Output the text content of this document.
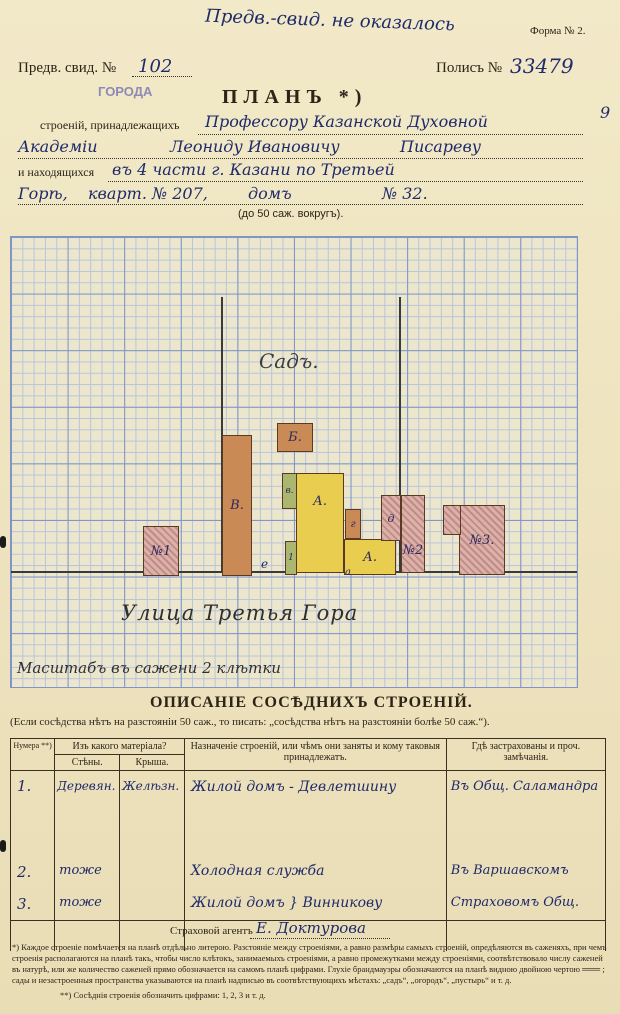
Предв.-свид. не оказалось	Форма № 2.
Предв. свид. № 102	Полисъ № 33479
9
ГОРОДА	ПЛАНЪ *)
строеній, принадлежащихъ Профессору Казанской Духовной
Академіи	Леониду Ивановичу	Писареву
и находящихся въ 4 части г. Казани по Третьей
Горѣ, кварт. № 207,	домъ	№ 32.
(до 50 саж. вокругъ).
Садъ.
№1
В.
Б.
в.
А.
А.
г
1
д
№2
№3.
е
а
Улица Третья Гора
Масштабъ въ сажени 2 клѣтки
ОПИСАНІЕ СОСѢДНИХЪ СТРОЕНІЙ.
(Если сосѣдства нѣтъ на разстояніи 50 саж., то писать: „сосѣдства нѣтъ на разстояніи болѣе 50 саж.“).
Нумера **)	Изъ какого матеріала?		Назначеніе строеній, или чѣмъ они заняты и кому таковыя принадлежатъ.	Гдѣ застрахованы и проч. замѣчанія.
	Стѣны.	Крыша.		
1.	Деревян.	Желѣзн.	Жилой домъ - Девлетшину	Въ Общ. Саламандра
2.	тоже		Холодная служба	Въ Варшавскомъ
3.	тоже		Жилой домъ } Винникову	Страховомъ Общ.
Страховой агентъ Е. Доктурова
*) Каждое строеніе помѣчается на планѣ отдѣльно литерою. Разстояніе между строеніями, а равно размѣры самыхъ строеній, опредѣляются въ саженяхъ, при чемъ строенія располагаются на планѣ такъ, чтобы число клѣтокъ, занимаемыхъ строеніями, а равно промежутками между строеніями, соотвѣтствовало числу саженей въ натурѣ, или же количество саженей прямо обозначается на самомъ планѣ цифрами. Глухіе брандмауэры обозначаются на планѣ видною двойною чертою ═══ ; сады и незастроенныя пространства указываются на планѣ надписью въ соотвѣтствующихъ мѣстахъ: „садъ“, „огородъ“, „пустырь“ и т. д.
**) Сосѣднія строенія обозначить цифрами: 1, 2, 3 и т. д.
